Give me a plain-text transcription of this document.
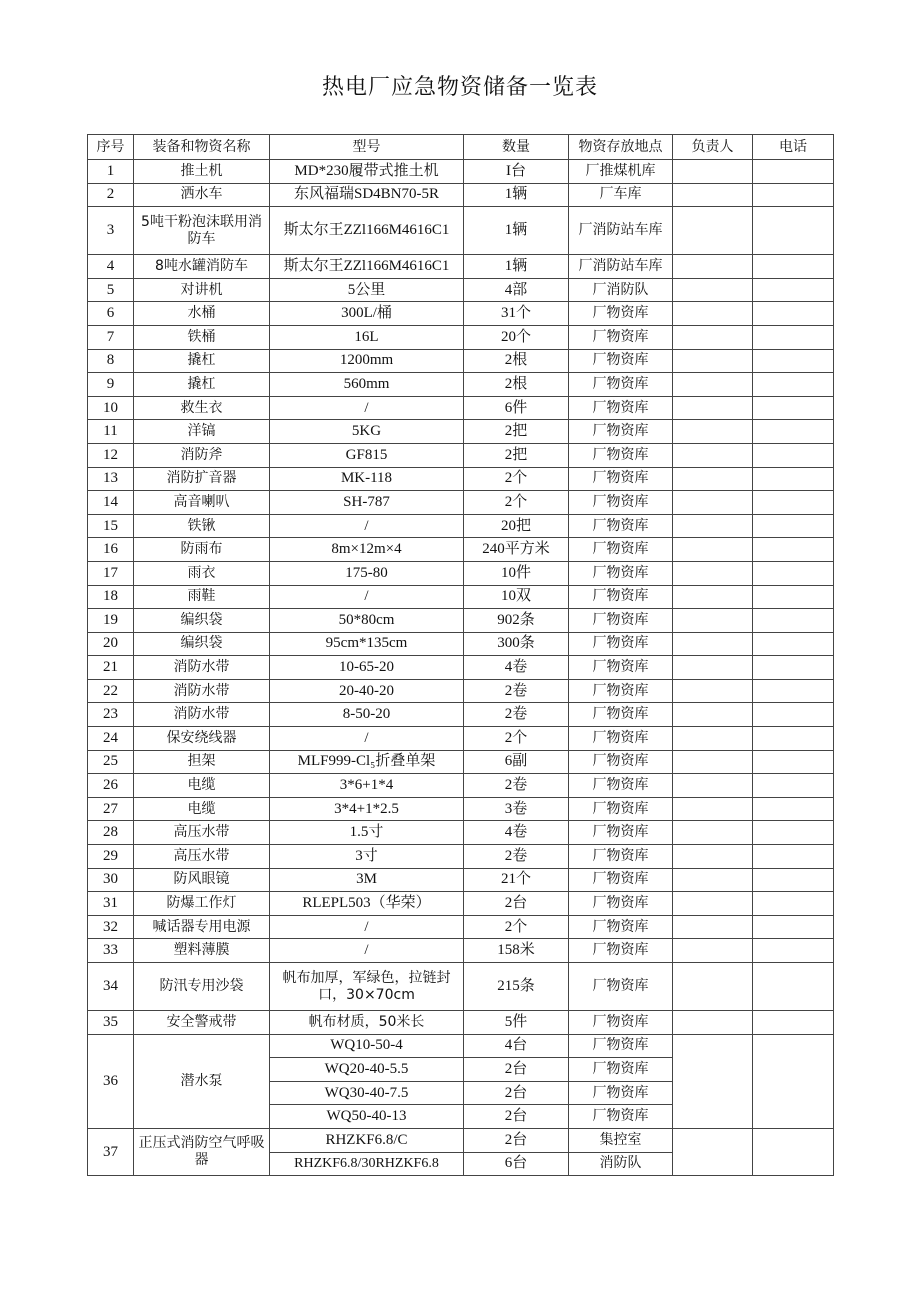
热电厂应急物资储备一览表
序号	装备和物资名称	型号	数量	物资存放地点	负责人	电话
1	推土机	MD*230履带式推土机	I台	厂推煤机库		
2	洒水车	东风福瑞SD4BN70-5R	1辆	厂车库		
3	5吨干粉泡沫联用消防车	斯太尔王ZZl166M4616C1	1辆	厂消防站车库		
4	8吨水罐消防车	斯太尔王ZZl166M4616C1	1辆	厂消防站车库		
5	对讲机	5公里	4部	厂消防队		
6	水桶	300L/桶	31个	厂物资库		
7	铁桶	16L	20个	厂物资库		
8	撬杠	1200mm	2根	厂物资库		
9	撬杠	560mm	2根	厂物资库		
10	救生衣	/	6件	厂物资库		
11	洋镐	5KG	2把	厂物资库		
12	消防斧	GF815	2把	厂物资库		
13	消防扩音器	MK-118	2个	厂物资库		
14	高音喇叭	SH-787	2个	厂物资库		
15	铁锹	/	20把	厂物资库		
16	防雨布	8m×12m×4	240平方米	厂物资库		
17	雨衣	175-80	10件	厂物资库		
18	雨鞋	/	10双	厂物资库		
19	编织袋	50*80cm	902条	厂物资库		
20	编织袋	95cm*135cm	300条	厂物资库		
21	消防水带	10-65-20	4卷	厂物资库		
22	消防水带	20-40-20	2卷	厂物资库		
23	消防水带	8-50-20	2卷	厂物资库		
24	保安绕线器	/	2个	厂物资库		
25	担架	MLF999-Cl₅折叠单架	6副	厂物资库		
26	电缆	3*6+1*4	2卷	厂物资库		
27	电缆	3*4+1*2.5	3卷	厂物资库		
28	高压水带	1.5寸	4卷	厂物资库		
29	高压水带	3寸	2卷	厂物资库		
30	防风眼镜	3M	21个	厂物资库		
31	防爆工作灯	RLEPL503（华荣）	2台	厂物资库		
32	喊话器专用电源	/	2个	厂物资库		
33	塑料薄膜	/	158米	厂物资库		
34	防汛专用沙袋	帆布加厚，军绿色，拉链封口，30×70cm	215条	厂物资库		
35	安全警戒带	帆布材质，50米长	5件	厂物资库		
36	潜水泵	WQ10-50-4	4台	厂物资库		
		WQ20-40-5.5	2台	厂物资库		
		WQ30-40-7.5	2台	厂物资库		
		WQ50-40-13	2台	厂物资库		
37	正压式消防空气呼吸器	RHZKF6.8/C	2台	集控室		
		RHZKF6.8/30RHZKF6.8	6台	消防队		
